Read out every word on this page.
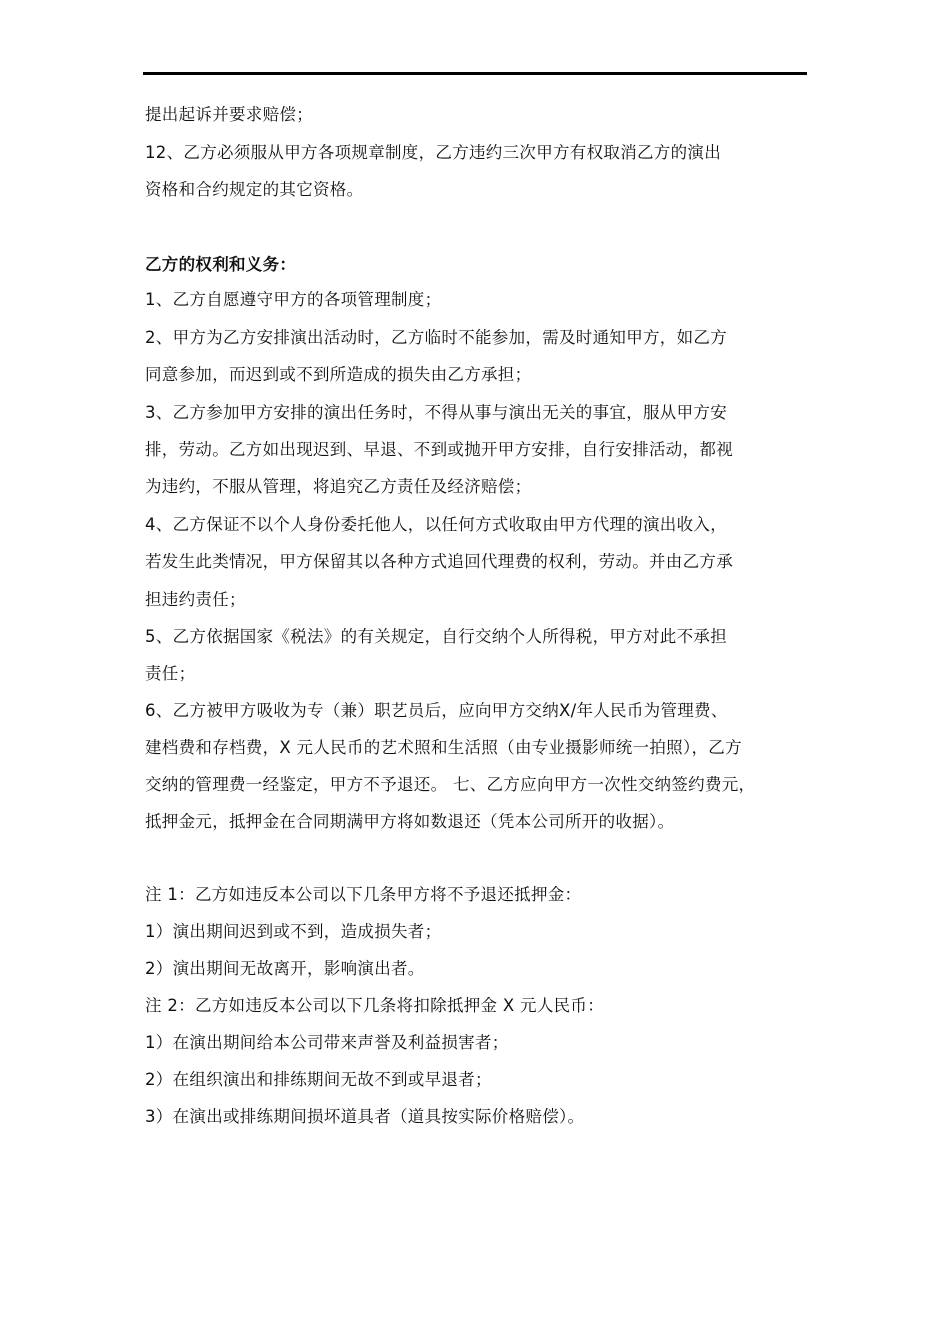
提出起诉并要求赔偿；
12、乙方必须服从甲方各项规章制度，乙方违约三次甲方有权取消乙方的演出
资格和合约规定的其它资格。
乙方的权利和义务：
1、乙方自愿遵守甲方的各项管理制度；
2、甲方为乙方安排演出活动时，乙方临时不能参加，需及时通知甲方，如乙方
同意参加，而迟到或不到所造成的损失由乙方承担；
3、乙方参加甲方安排的演出任务时，不得从事与演出无关的事宜，服从甲方安
排，劳动。乙方如出现迟到、早退、不到或抛开甲方安排，自行安排活动，都视
为违约，不服从管理，将追究乙方责任及经济赔偿；
4、乙方保证不以个人身份委托他人，以任何方式收取由甲方代理的演出收入，
若发生此类情况，甲方保留其以各种方式追回代理费的权利，劳动。并由乙方承
担违约责任；
5、乙方依据国家《税法》的有关规定，自行交纳个人所得税，甲方对此不承担
责任；
6、乙方被甲方吸收为专（兼）职艺员后，应向甲方交纳X/年人民币为管理费、
建档费和存档费，X 元人民币的艺术照和生活照（由专业摄影师统一拍照），乙方
交纳的管理费一经鉴定，甲方不予退还。 七、乙方应向甲方一次性交纳签约费元，
抵押金元，抵押金在合同期满甲方将如数退还（凭本公司所开的收据）。
注 1：乙方如违反本公司以下几条甲方将不予退还抵押金：
1）演出期间迟到或不到，造成损失者；
2）演出期间无故离开，影响演出者。
注 2：乙方如违反本公司以下几条将扣除抵押金 X 元人民币：
1）在演出期间给本公司带来声誉及利益损害者；
2）在组织演出和排练期间无故不到或早退者；
3）在演出或排练期间损坏道具者（道具按实际价格赔偿）。
